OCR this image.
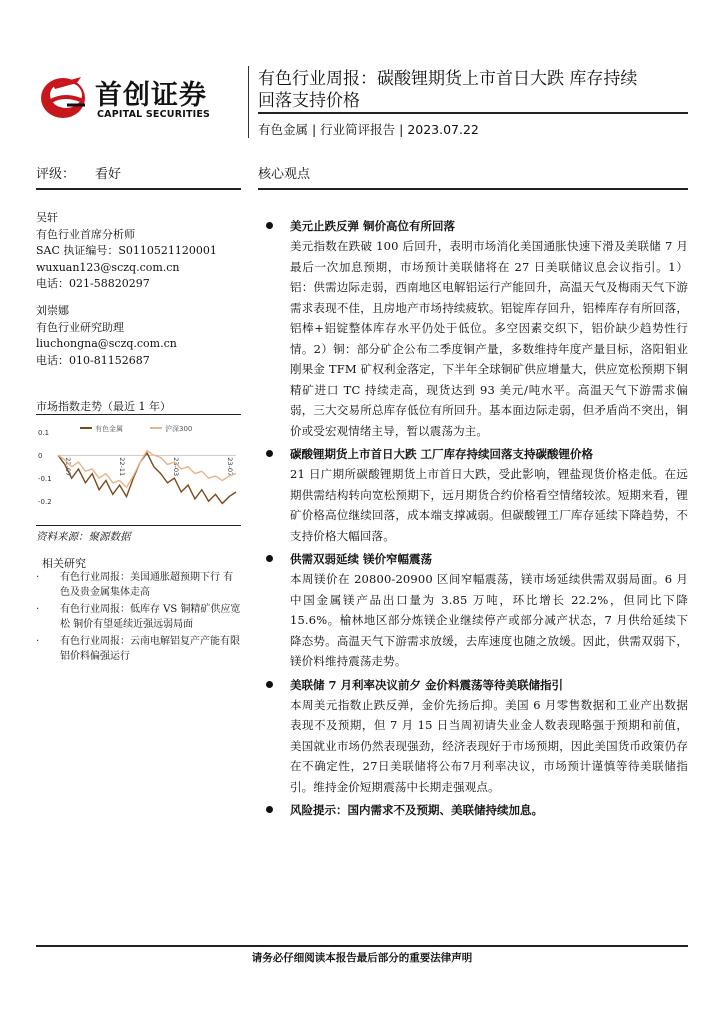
首创证券
CAPITAL SECURITIES
有色行业周报：碳酸锂期货上市首日大跌 库存持续
回落支持价格
有色金属 | 行业简评报告 | 2023.07.22
评级： 看好	核心观点
吴轩
有色行业首席分析师
SAC 执证编号：S0110521120001
wuxuan123@sczq.com.cn
电话：021-58820297
刘崇娜
有色行业研究助理
liuchongna@sczq.com.cn
电话：010-81152687
市场指数走势（最近 1 年）
0.1
0
-0.1
-0.2
22-07	22-11	23-03	23-07
有色金属	沪深300
资料来源：聚源数据
相关研究
· 有色行业周报：美国通胀超预期下行 有色及贵金属集体走高
· 有色行业周报：低库存 VS 铜精矿供应宽松 铜价有望延续近强远弱局面
· 有色行业周报：云南电解铝复产产能有限 铝价料偏强运行
美元止跌反弹 铜价高位有所回落
美元指数在跌破 100 后回升，表明市场消化美国通胀快速下滑及美联储 7 月最后一次加息预期，市场预计美联储将在 27 日美联储议息会议指引。1）铝：供需边际走弱，西南地区电解铝运行产能回升，高温天气及梅雨天气下游需求表现不佳，且房地产市场持续疲软。铝锭库存回升，铝棒库存有所回落，铝棒+铝锭整体库存水平仍处于低位。多空因素交织下，铝价缺少趋势性行情。2）铜：部分矿企公布二季度铜产量，多数维持年度产量目标，洛阳钼业刚果金 TFM 矿权利金落定，下半年全球铜矿供应增量大，供应宽松预期下铜精矿进口 TC 持续走高，现货达到 93 美元/吨水平。高温天气下游需求偏弱，三大交易所总库存低位有所回升。基本面边际走弱，但矛盾尚不突出，铜价或受宏观情绪主导，暂以震荡为主。
碳酸锂期货上市首日大跌 工厂库存持续回落支持碳酸锂价格
21 日广期所碳酸锂期货上市首日大跌，受此影响，锂盐现货价格走低。在远期供需结构转向宽松预期下，远月期货合约价格看空情绪较浓。短期来看，锂矿价格高位继续回落，成本端支撑减弱。但碳酸锂工厂库存延续下降趋势，不支持价格大幅回落。
供需双弱延续 镁价窄幅震荡
本周镁价在 20800-20900 区间窄幅震荡，镁市场延续供需双弱局面。6 月中国金属镁产品出口量为 3.85 万吨，环比增长 22.2%，但同比下降 15.6%。榆林地区部分炼镁企业继续停产或部分减产状态，7 月供给延续下降态势。高温天气下游需求放缓，去库速度也随之放缓。因此，供需双弱下，镁价料维持震荡走势。
美联储 7 月利率决议前夕 金价料震荡等待美联储指引
本周美元指数止跌反弹，金价先扬后抑。美国 6 月零售数据和工业产出数据表现不及预期，但 7 月 15 日当周初请失业金人数表现略强于预期和前值，美国就业市场仍然表现强劲，经济表现好于市场预期，因此美国货币政策仍存在不确定性，27日美联储将公布7月利率决议，市场预计谨慎等待美联储指引。维持金价短期震荡中长期走强观点。
风险提示：国内需求不及预期、美联储持续加息。
请务必仔细阅读本报告最后部分的重要法律声明
